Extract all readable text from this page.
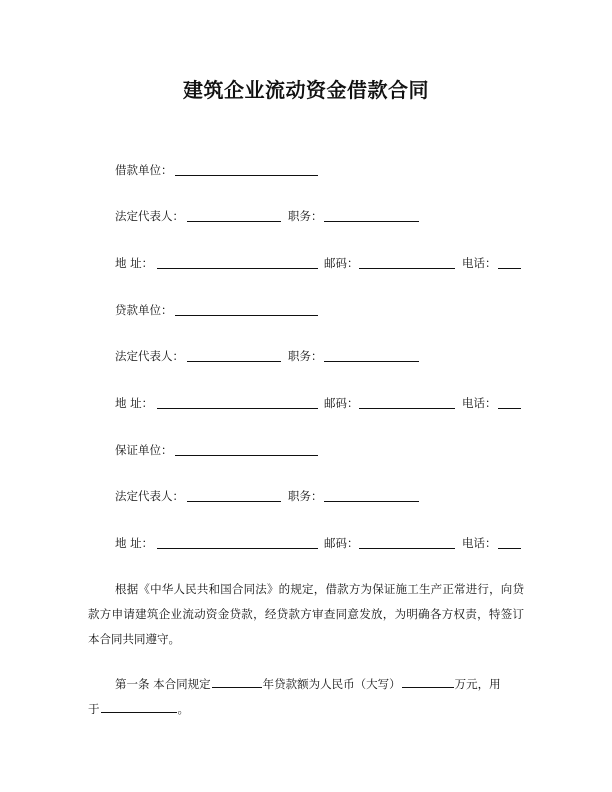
建筑企业流动资金借款合同
借款单位：
法定代表人：	职务：
地 址：	邮码：	电话：
贷款单位：
法定代表人：	职务：
地 址：	邮码：	电话：
保证单位：
法定代表人：	职务：
地 址：	邮码：	电话：
根据《中华人民共和国合同法》的规定，借款方为保证施工生产正常进行，向贷款方申请建筑企业流动资金贷款，经贷款方审查同意发放，为明确各方权责，特签订本合同共同遵守。
第一条 本合同规定	年贷款额为人民币（大写）	万元，用
于	。
